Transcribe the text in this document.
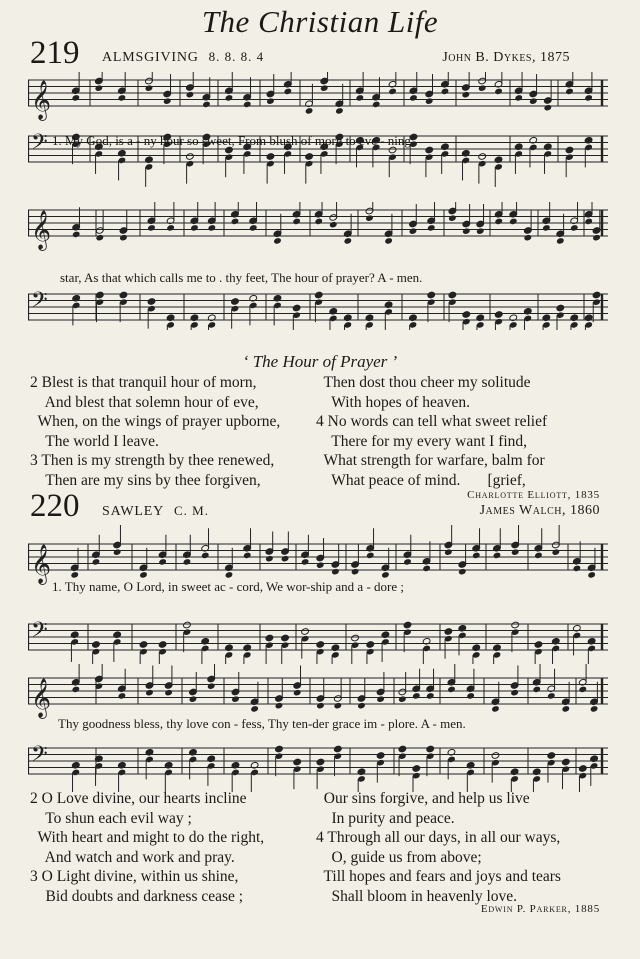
The Christian Life
219 ALMSGIVING 8. 8. 8. 4	John B. Dykes, 1875
𝄞
𝄢 1. My God, is a - ny hour so sweet, From blush of morn to eve - ning
𝄞
𝄢
star, As that which calls me to . thy feet, The hour of prayer? A - men.
‘ The Hour of Prayer ’
2 Blest is that tranquil hour of morn,
And blest that solemn hour of eve,
When, on the wings of prayer upborne,
The world I leave.
3 Then is my strength by thee renewed,
Then are my sins by thee forgiven,
Then dost thou cheer my solitude
With hopes of heaven.
4 No words can tell what sweet relief
There for my every want I find,
What strength for warfare, balm for
What peace of mind.       [grief,
Charlotte Elliott, 1835
220 SAWLEY C. M.	James Walch, 1860
𝄞
𝄢
1. Thy name, O Lord, in sweet ac - cord, We wor-ship and a - dore ;
𝄞
𝄢
Thy goodness bless, thy love con - fess, Thy ten-der grace im - plore. A - men.
2 O Love divine, our hearts incline
To shun each evil way ;
With heart and might to do the right,
And watch and work and pray.
3 O Light divine, within us shine,
Bid doubts and darkness cease ;
Our sins forgive, and help us live
In purity and peace.
4 Through all our days, in all our ways,
O, guide us from above;
Till hopes and fears and joys and tears
Shall bloom in heavenly love.
Edwin P. Parker, 1885
